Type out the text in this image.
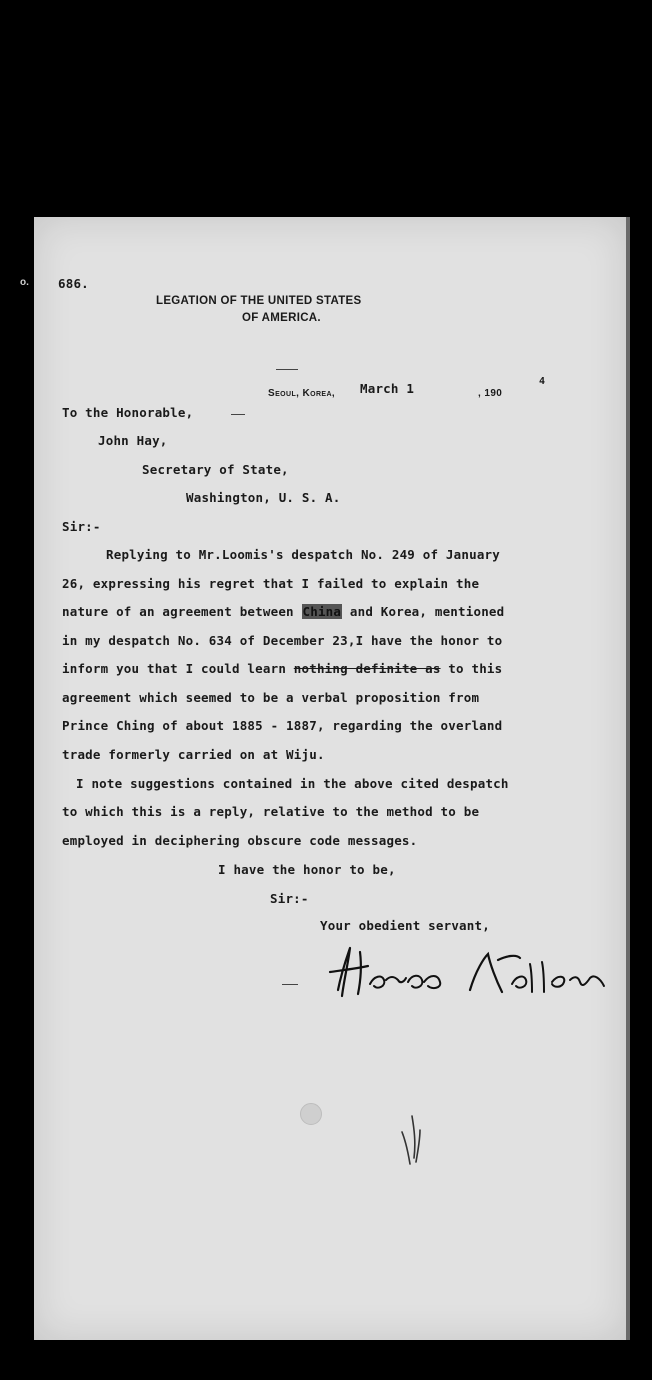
o. 686.
LEGATION OF THE UNITED STATES
OF AMERICA.
Seoul, Korea, March 1	, 190
4
To the Honorable,
John Hay,
Secretary of State,
Washington, U. S. A.
Sir:-
Replying to Mr.Loomis's despatch No. 249 of January
26, expressing his regret that I failed to explain the
nature of an agreement between China and Korea, mentioned
in my despatch No. 634 of December 23,I have the honor to
inform you that I could learn nothing definite as to this
agreement which seemed to be a verbal proposition from
Prince Ching of about 1885 - 1887, regarding the overland
trade formerly carried on at Wiju.
I note suggestions contained in the above cited despatch
to which this is a reply, relative to the method to be
employed in deciphering obscure code messages.
I have the honor to be,
Sir:-
Your obedient servant,
